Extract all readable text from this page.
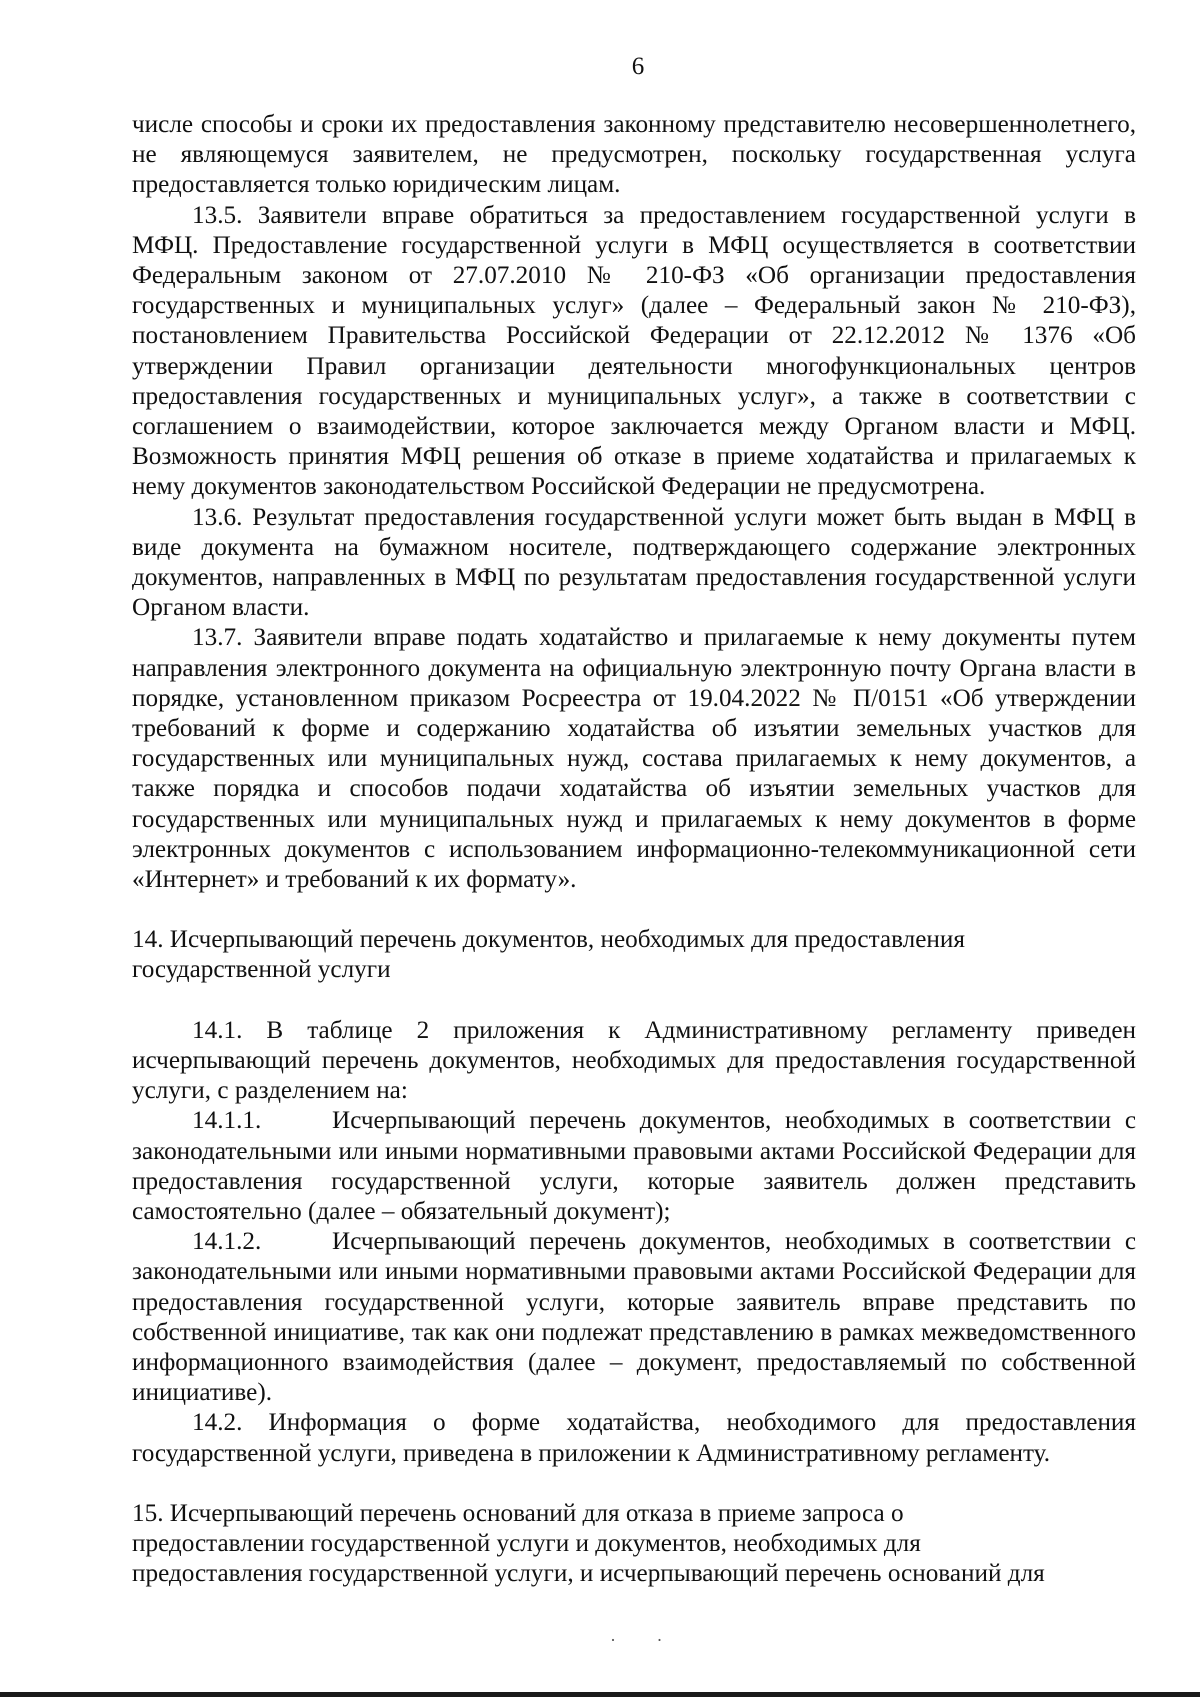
6

числе способы и сроки их предоставления законному представителю несовершеннолетнего, не являющемуся заявителем, не предусмотрен, поскольку государственная услуга предоставляется только юридическим лицам.

13.5. Заявители вправе обратиться за предоставлением государственной услуги в МФЦ. Предоставление государственной услуги в МФЦ осуществляется в соответствии Федеральным законом от 27.07.2010 № 210-ФЗ «Об организации предоставления государственных и муниципальных услуг» (далее – Федеральный закон № 210-ФЗ), постановлением Правительства Российской Федерации от 22.12.2012 № 1376 «Об утверждении Правил организации деятельности многофункциональных центров предоставления государственных и муниципальных услуг», а также в соответствии с соглашением о взаимодействии, которое заключается между Органом власти и МФЦ. Возможность принятия МФЦ решения об отказе в приеме ходатайства и прилагаемых к нему документов законодательством Российской Федерации не предусмотрена.

13.6. Результат предоставления государственной услуги может быть выдан в МФЦ в виде документа на бумажном носителе, подтверждающего содержание электронных документов, направленных в МФЦ по результатам предоставления государственной услуги Органом власти.

13.7. Заявители вправе подать ходатайство и прилагаемые к нему документы путем направления электронного документа на официальную электронную почту Органа власти в порядке, установленном приказом Росреестра от 19.04.2022 № П/0151 «Об утверждении требований к форме и содержанию ходатайства об изъятии земельных участков для государственных или муниципальных нужд, состава прилагаемых к нему документов, а также порядка и способов подачи ходатайства об изъятии земельных участков для государственных или муниципальных нужд и прилагаемых к нему документов в форме электронных документов с использованием информационно-телекоммуникационной сети «Интернет» и требований к их формату».

14. Исчерпывающий перечень документов, необходимых для предоставления

государственной услуги

14.1. В таблице 2 приложения к Административному регламенту приведен исчерпывающий перечень документов, необходимых для предоставления государственной услуги, с разделением на:

14.1.1.	Исчерпывающий перечень документов, необходимых в соответствии с законодательными или иными нормативными правовыми актами Российской Федерации для предоставления государственной услуги, которые заявитель должен представить самостоятельно (далее – обязательный документ);

14.1.2.	Исчерпывающий перечень документов, необходимых в соответствии с законодательными или иными нормативными правовыми актами Российской Федерации для предоставления государственной услуги, которые заявитель вправе представить по собственной инициативе, так как они подлежат представлению в рамках межведомственного информационного взаимодействия (далее – документ, предоставляемый по собственной инициативе).

14.2. Информация о форме ходатайства, необходимого для предоставления государственной услуги, приведена в приложении к Административному регламенту.

15. Исчерпывающий перечень оснований для отказа в приеме запроса о

предоставлении государственной услуги и документов, необходимых для

предоставления государственной услуги, и исчерпывающий перечень оснований для

· ·
